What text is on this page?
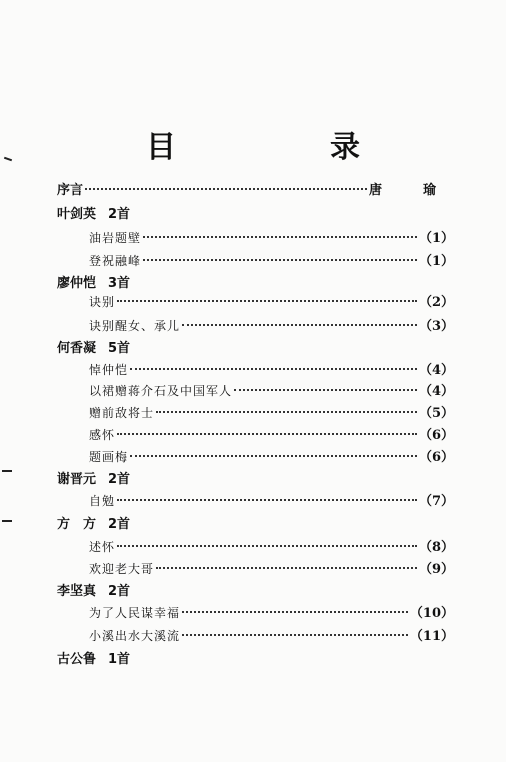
目　录
序言	唐　瑜
叶剑英 2首
油岩题壁	（1）
登祝融峰	（1）
廖仲恺 3首
诀别	（2）
诀别醒女、承儿	（3）
何香凝 5首
悼仲恺	（4）
以裙赠蒋介石及中国军人	（4）
赠前敌将士	（5）
感怀	（6）
题画梅	（6）
谢晋元 2首
自勉	（7）
方　方 2首
述怀	（8）
欢迎老大哥	（9）
李坚真 2首
为了人民谋幸福	（10）
小溪出水大溪流	（11）
古公鲁 1首
